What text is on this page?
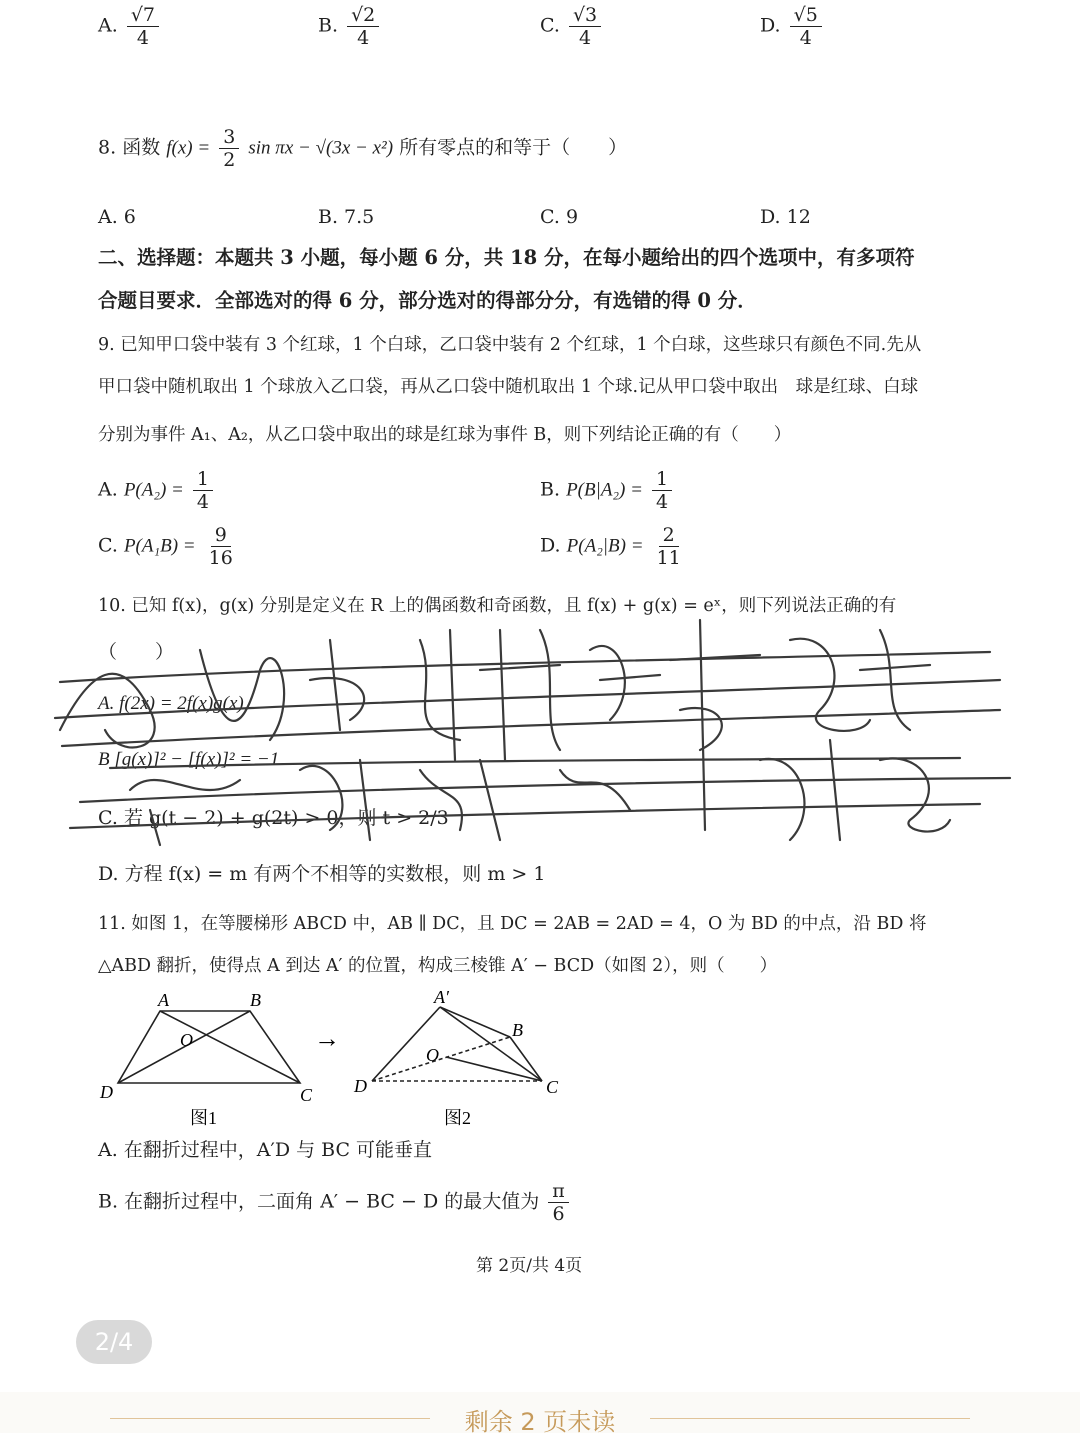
A. $\frac{√7}{4}$	B. $\frac{√2}{4}$	C. $\frac{√3}{4}$	D. $\frac{√5}{4}$
8. 函数 $f(x) = \frac{3}{2}$ sin πx − √(3x − x²) 所有零点的和等于（　　）
A. 6	B. 7.5	C. 9	D. 12
二、选择题：本题共 3 小题，每小题 6 分，共 18 分，在每小题给出的四个选项中，有多项符
合题目要求．全部选对的得 6 分，部分选对的得部分分，有选错的得 0 分．
9. 已知甲口袋中装有 3 个红球，1 个白球，乙口袋中装有 2 个红球，1 个白球，这些球只有颜色不同.先从
甲口袋中随机取出 1 个球放入乙口袋，再从乙口袋中随机取出 1 个球.记从甲口袋中取出　球是红球、白球
分别为事件 A₁、A₂，从乙口袋中取出的球是红球为事件 B，则下列结论正确的有（　　）
A. $P(A_2) = \frac{1}{4}$	B. $P(B|A_2) = \frac{1}{4}$
C. $P(A_1B) = \frac{9}{16}$	D. $P(A_2|B) = \frac{2}{11}$
10. 已知 f(x)，g(x) 分别是定义在 R 上的偶函数和奇函数，且 f(x) + g(x) = eˣ，则下列说法正确的有
（　　）
A. f(2x) = 2f(x)g(x)
B [g(x)]² − [f(x)]² = −1
C. 若 g(t − 2) + g(2t) > 0，则 t > 2/3
D. 方程 f(x) = m 有两个不相等的实数根，则 m > 1
11. 如图 1，在等腰梯形 ABCD 中，AB ∥ DC，且 DC = 2AB = 2AD = 4，O 为 BD 的中点，沿 BD 将
△ABD 翻折，使得点 A 到达 A′ 的位置，构成三棱锥 A′ − BCD（如图 2），则（　　）
A	B
O
D	C
图1
→
A′
B
O
D	C
图2
A. 在翻折过程中，A′D 与 BC 可能垂直
B. 在翻折过程中，二面角 A′ − BC − D 的最大值为 $\frac{\pi}{6}$
第 2页/共 4页
2/4
剩余 2 页未读
